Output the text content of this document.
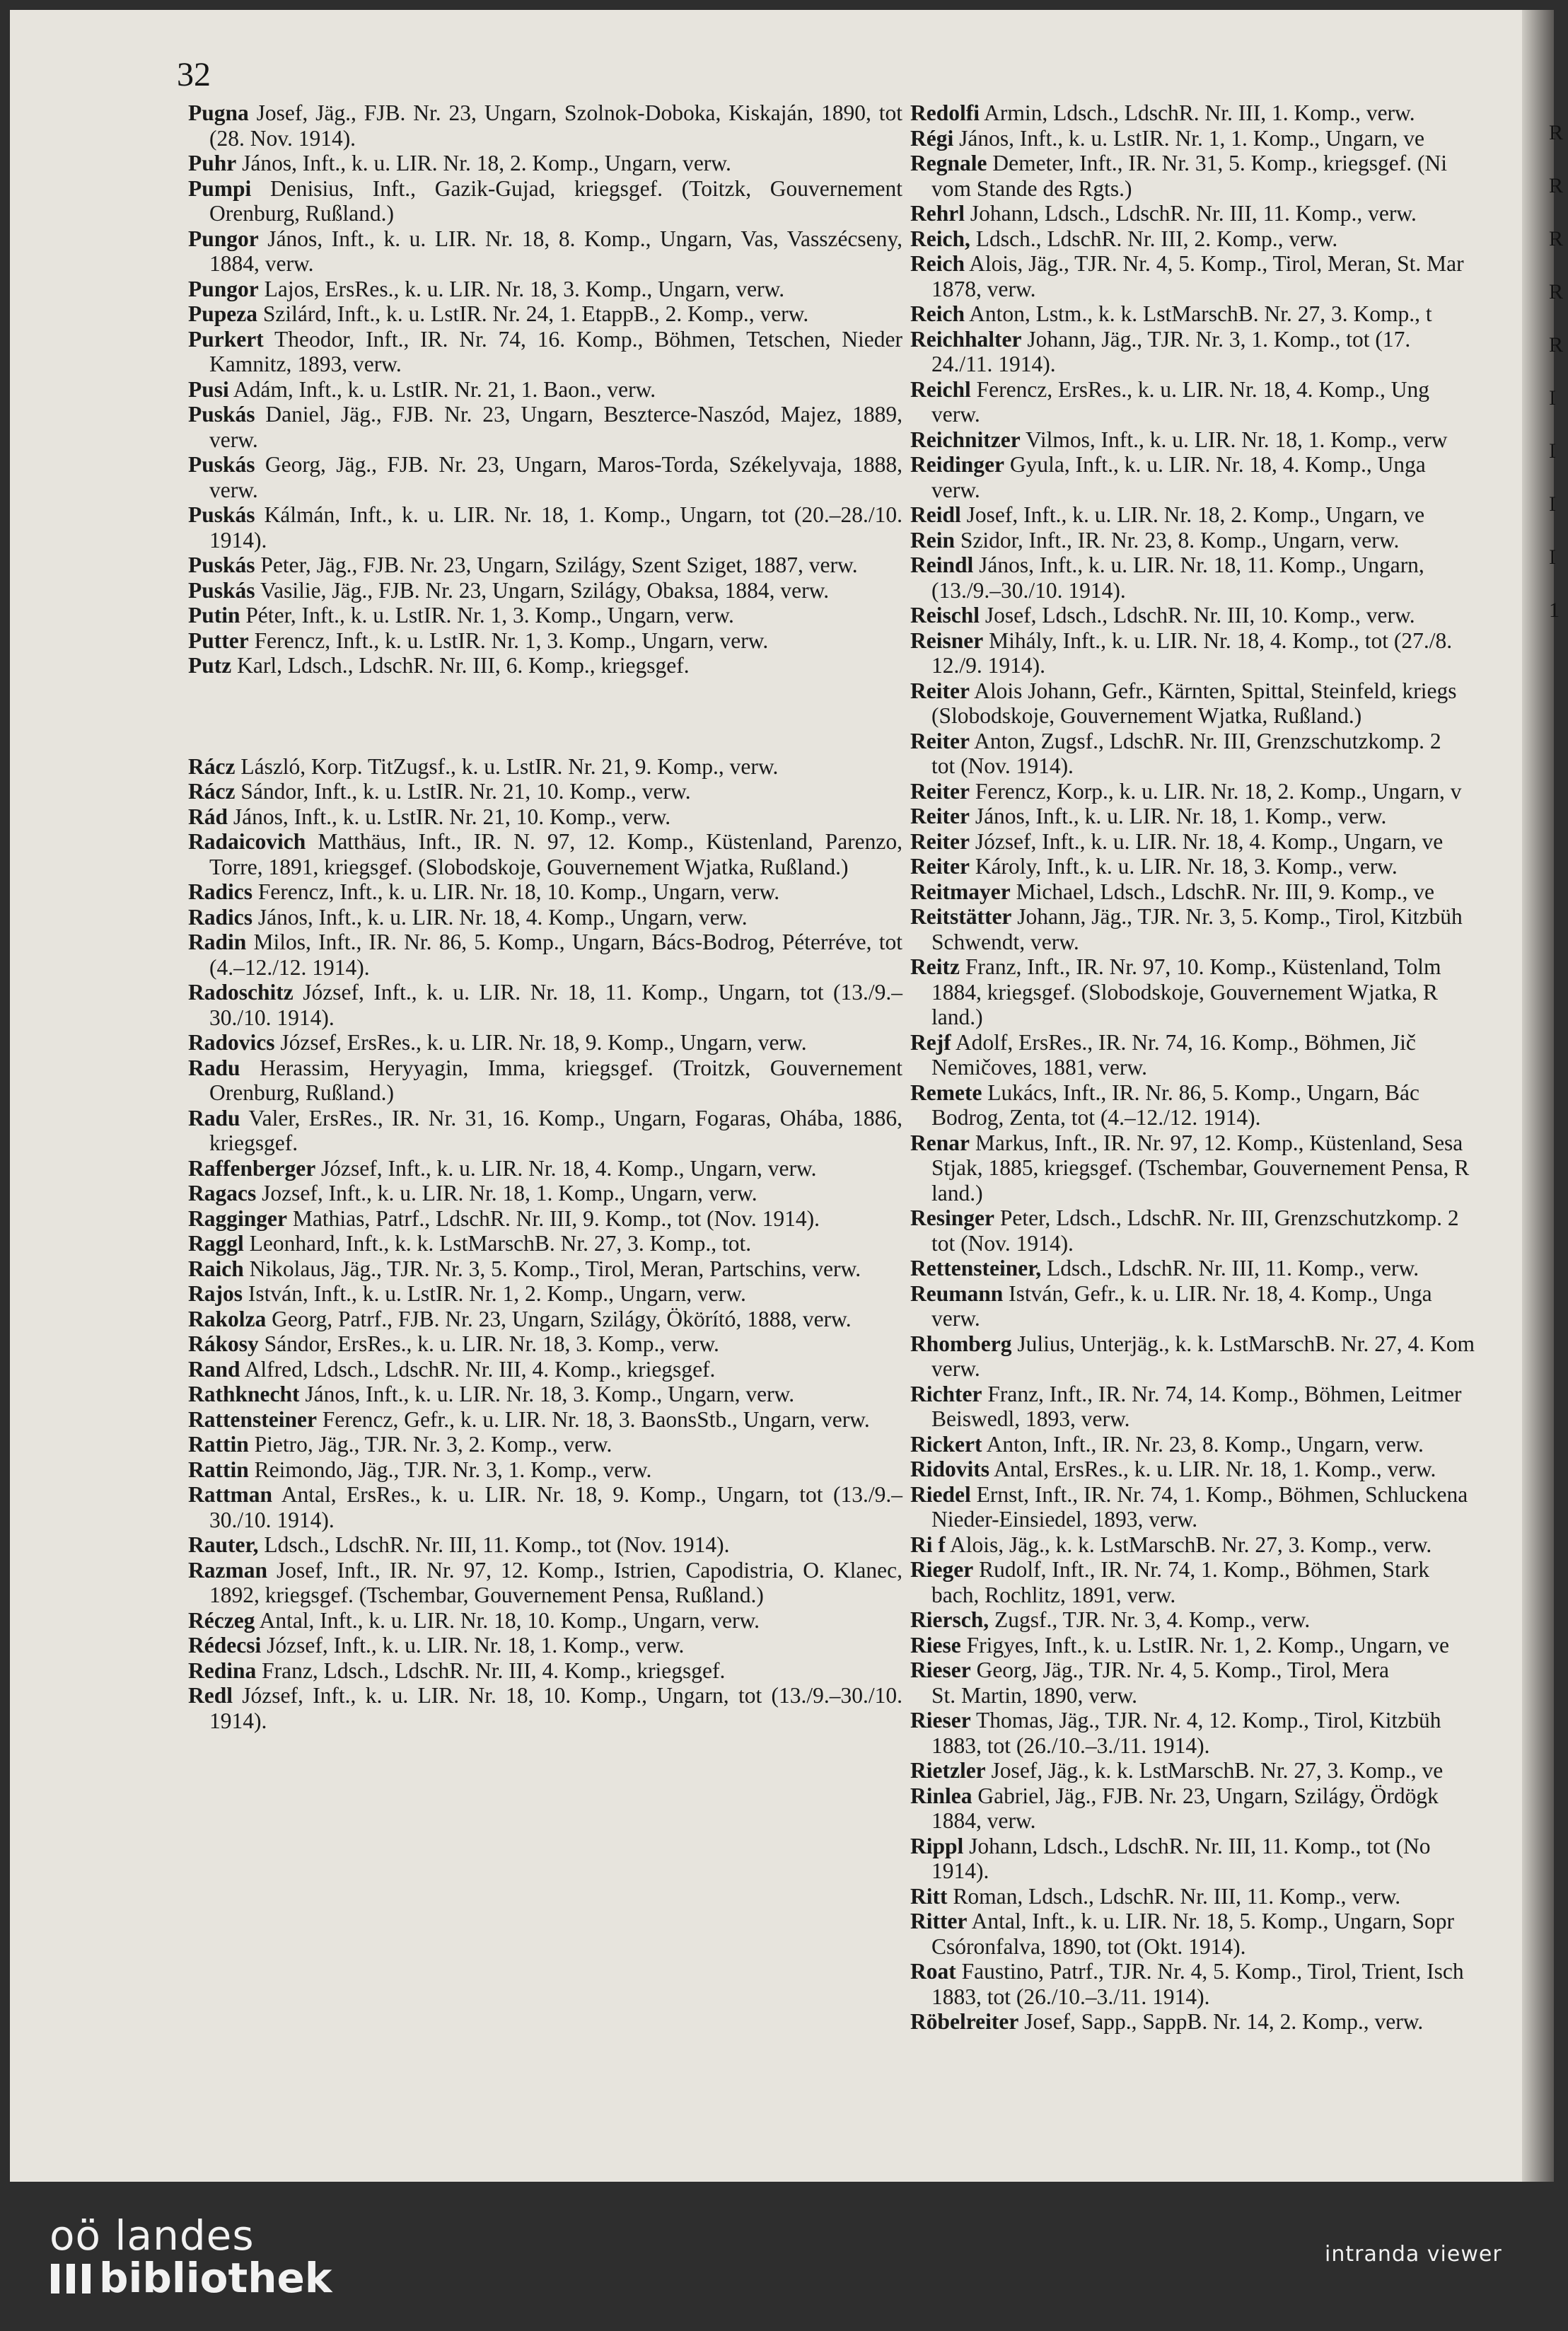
32

Pugna Josef, Jäg., FJB. Nr. 23, Ungarn, Szolnok-Doboka, Kiskaján, 1890, tot (28. Nov. 1914).

Puhr János, Inft., k. u. LIR. Nr. 18, 2. Komp., Ungarn, verw.

Pumpi Denisius, Inft., Gazik-Gujad, kriegsgef. (Toitzk, Gouvernement Orenburg, Rußland.)

Pungor János, Inft., k. u. LIR. Nr. 18, 8. Komp., Ungarn, Vas, Vasszécseny, 1884, verw.

Pungor Lajos, ErsRes., k. u. LIR. Nr. 18, 3. Komp., Ungarn, verw.

Pupeza Szilárd, Inft., k. u. LstIR. Nr. 24, 1. EtappB., 2. Komp., verw.

Purkert Theodor, Inft., IR. Nr. 74, 16. Komp., Böhmen, Tetschen, Nieder Kamnitz, 1893, verw.

Pusi Adám, Inft., k. u. LstIR. Nr. 21, 1. Baon., verw.

Puskás Daniel, Jäg., FJB. Nr. 23, Ungarn, Beszterce-Naszód, Majez, 1889, verw.

Puskás Georg, Jäg., FJB. Nr. 23, Ungarn, Maros-Torda, Székelyvaja, 1888, verw.

Puskás Kálmán, Inft., k. u. LIR. Nr. 18, 1. Komp., Ungarn, tot (20.–28./10. 1914).

Puskás Peter, Jäg., FJB. Nr. 23, Ungarn, Szilágy, Szent Sziget, 1887, verw.

Puskás Vasilie, Jäg., FJB. Nr. 23, Ungarn, Szilágy, Obaksa, 1884, verw.

Putin Péter, Inft., k. u. LstIR. Nr. 1, 3. Komp., Ungarn, verw.

Putter Ferencz, Inft., k. u. LstIR. Nr. 1, 3. Komp., Ungarn, verw.

Putz Karl, Ldsch., LdschR. Nr. III, 6. Komp., kriegsgef.

Rácz László, Korp. TitZugsf., k. u. LstIR. Nr. 21, 9. Komp., verw.

Rácz Sándor, Inft., k. u. LstIR. Nr. 21, 10. Komp., verw.

Rád János, Inft., k. u. LstIR. Nr. 21, 10. Komp., verw.

Radaicovich Matthäus, Inft., IR. N. 97, 12. Komp., Küstenland, Parenzo, Torre, 1891, kriegsgef. (Slobodskoje, Gouvernement Wjatka, Rußland.)

Radics Ferencz, Inft., k. u. LIR. Nr. 18, 10. Komp., Ungarn, verw.

Radics János, Inft., k. u. LIR. Nr. 18, 4. Komp., Ungarn, verw.

Radin Milos, Inft., IR. Nr. 86, 5. Komp., Ungarn, Bács-Bodrog, Péterréve, tot (4.–12./12. 1914).

Radoschitz József, Inft., k. u. LIR. Nr. 18, 11. Komp., Ungarn, tot (13./9.–30./10. 1914).

Radovics József, ErsRes., k. u. LIR. Nr. 18, 9. Komp., Ungarn, verw.

Radu Herassim, Heryyagin, Imma, kriegsgef. (Troitzk, Gouvernement Orenburg, Rußland.)

Radu Valer, ErsRes., IR. Nr. 31, 16. Komp., Ungarn, Fogaras, Ohába, 1886, kriegsgef.

Raffenberger József, Inft., k. u. LIR. Nr. 18, 4. Komp., Ungarn, verw.

Ragacs Jozsef, Inft., k. u. LIR. Nr. 18, 1. Komp., Ungarn, verw.

Ragginger Mathias, Patrf., LdschR. Nr. III, 9. Komp., tot (Nov. 1914).

Raggl Leonhard, Inft., k. k. LstMarschB. Nr. 27, 3. Komp., tot.

Raich Nikolaus, Jäg., TJR. Nr. 3, 5. Komp., Tirol, Meran, Partschins, verw.

Rajos István, Inft., k. u. LstIR. Nr. 1, 2. Komp., Ungarn, verw.

Rakolza Georg, Patrf., FJB. Nr. 23, Ungarn, Szilágy, Ökörító, 1888, verw.

Rákosy Sándor, ErsRes., k. u. LIR. Nr. 18, 3. Komp., verw.

Rand Alfred, Ldsch., LdschR. Nr. III, 4. Komp., kriegsgef.

Rathknecht János, Inft., k. u. LIR. Nr. 18, 3. Komp., Ungarn, verw.

Rattensteiner Ferencz, Gefr., k. u. LIR. Nr. 18, 3. BaonsStb., Ungarn, verw.

Rattin Pietro, Jäg., TJR. Nr. 3, 2. Komp., verw.

Rattin Reimondo, Jäg., TJR. Nr. 3, 1. Komp., verw.

Rattman Antal, ErsRes., k. u. LIR. Nr. 18, 9. Komp., Ungarn, tot (13./9.–30./10. 1914).

Rauter, Ldsch., LdschR. Nr. III, 11. Komp., tot (Nov. 1914).

Razman Josef, Inft., IR. Nr. 97, 12. Komp., Istrien, Capodistria, O. Klanec, 1892, kriegsgef. (Tschembar, Gouvernement Pensa, Rußland.)

Réczeg Antal, Inft., k. u. LIR. Nr. 18, 10. Komp., Ungarn, verw.

Rédecsi József, Inft., k. u. LIR. Nr. 18, 1. Komp., verw.

Redina Franz, Ldsch., LdschR. Nr. III, 4. Komp., kriegsgef.

Redl József, Inft., k. u. LIR. Nr. 18, 10. Komp., Ungarn, tot (13./9.–30./10. 1914).

Redolfi Armin, Ldsch., LdschR. Nr. III, 1. Komp., verw.

Régi János, Inft., k. u. LstIR. Nr. 1, 1. Komp., Ungarn, ve

Regnale Demeter, Inft., IR. Nr. 31, 5. Komp., kriegsgef. (Ni

vom Stande des Rgts.)

Rehrl Johann, Ldsch., LdschR. Nr. III, 11. Komp., verw.

Reich, Ldsch., LdschR. Nr. III, 2. Komp., verw.

Reich Alois, Jäg., TJR. Nr. 4, 5. Komp., Tirol, Meran, St. Mar

1878, verw.

Reich Anton, Lstm., k. k. LstMarschB. Nr. 27, 3. Komp., t

Reichhalter Johann, Jäg., TJR. Nr. 3, 1. Komp., tot (17.

24./11. 1914).

Reichl Ferencz, ErsRes., k. u. LIR. Nr. 18, 4. Komp., Ung

verw.

Reichnitzer Vilmos, Inft., k. u. LIR. Nr. 18, 1. Komp., verw

Reidinger Gyula, Inft., k. u. LIR. Nr. 18, 4. Komp., Unga

verw.

Reidl Josef, Inft., k. u. LIR. Nr. 18, 2. Komp., Ungarn, ve

Rein Szidor, Inft., IR. Nr. 23, 8. Komp., Ungarn, verw.

Reindl János, Inft., k. u. LIR. Nr. 18, 11. Komp., Ungarn,

(13./9.–30./10. 1914).

Reischl Josef, Ldsch., LdschR. Nr. III, 10. Komp., verw.

Reisner Mihály, Inft., k. u. LIR. Nr. 18, 4. Komp., tot (27./8.

12./9. 1914).

Reiter Alois Johann, Gefr., Kärnten, Spittal, Steinfeld, kriegs

(Slobodskoje, Gouvernement Wjatka, Rußland.)

Reiter Anton, Zugsf., LdschR. Nr. III, Grenzschutzkomp. 2

tot (Nov. 1914).

Reiter Ferencz, Korp., k. u. LIR. Nr. 18, 2. Komp., Ungarn, v

Reiter János, Inft., k. u. LIR. Nr. 18, 1. Komp., verw.

Reiter József, Inft., k. u. LIR. Nr. 18, 4. Komp., Ungarn, ve

Reiter Károly, Inft., k. u. LIR. Nr. 18, 3. Komp., verw.

Reitmayer Michael, Ldsch., LdschR. Nr. III, 9. Komp., ve

Reitstätter Johann, Jäg., TJR. Nr. 3, 5. Komp., Tirol, Kitzbüh

Schwendt, verw.

Reitz Franz, Inft., IR. Nr. 97, 10. Komp., Küstenland, Tolm

1884, kriegsgef. (Slobodskoje, Gouvernement Wjatka, R

land.)

Rejf Adolf, ErsRes., IR. Nr. 74, 16. Komp., Böhmen, Jič

Nemičoves, 1881, verw.

Remete Lukács, Inft., IR. Nr. 86, 5. Komp., Ungarn, Bác

Bodrog, Zenta, tot (4.–12./12. 1914).

Renar Markus, Inft., IR. Nr. 97, 12. Komp., Küstenland, Sesa

Stjak, 1885, kriegsgef. (Tschembar, Gouvernement Pensa, R

land.)

Resinger Peter, Ldsch., LdschR. Nr. III, Grenzschutzkomp. 2

tot (Nov. 1914).

Rettensteiner, Ldsch., LdschR. Nr. III, 11. Komp., verw.

Reumann István, Gefr., k. u. LIR. Nr. 18, 4. Komp., Unga

verw.

Rhomberg Julius, Unterjäg., k. k. LstMarschB. Nr. 27, 4. Kom

verw.

Richter Franz, Inft., IR. Nr. 74, 14. Komp., Böhmen, Leitmer

Beiswedl, 1893, verw.

Rickert Anton, Inft., IR. Nr. 23, 8. Komp., Ungarn, verw.

Ridovits Antal, ErsRes., k. u. LIR. Nr. 18, 1. Komp., verw.

Riedel Ernst, Inft., IR. Nr. 74, 1. Komp., Böhmen, Schluckena

Nieder-Einsiedel, 1893, verw.

Ri f Alois, Jäg., k. k. LstMarschB. Nr. 27, 3. Komp., verw.

Rieger Rudolf, Inft., IR. Nr. 74, 1. Komp., Böhmen, Stark

bach, Rochlitz, 1891, verw.

Riersch, Zugsf., TJR. Nr. 3, 4. Komp., verw.

Riese Frigyes, Inft., k. u. LstIR. Nr. 1, 2. Komp., Ungarn, ve

Rieser Georg, Jäg., TJR. Nr. 4, 5. Komp., Tirol, Mera

St. Martin, 1890, verw.

Rieser Thomas, Jäg., TJR. Nr. 4, 12. Komp., Tirol, Kitzbüh

1883, tot (26./10.–3./11. 1914).

Rietzler Josef, Jäg., k. k. LstMarschB. Nr. 27, 3. Komp., ve

Rinlea Gabriel, Jäg., FJB. Nr. 23, Ungarn, Szilágy, Ördögk

1884, verw.

Rippl Johann, Ldsch., LdschR. Nr. III, 11. Komp., tot (No

1914).

Ritt Roman, Ldsch., LdschR. Nr. III, 11. Komp., verw.

Ritter Antal, Inft., k. u. LIR. Nr. 18, 5. Komp., Ungarn, Sopr

Csóronfalva, 1890, tot (Okt. 1914).

Roat Faustino, Patrf., TJR. Nr. 4, 5. Komp., Tirol, Trient, Isch

1883, tot (26./10.–3./11. 1914).

Röbelreiter Josef, Sapp., SappB. Nr. 14, 2. Komp., verw.

R
R
R
R
R
I
I
I
I
1
oö landes
bibliothek	intranda viewer
